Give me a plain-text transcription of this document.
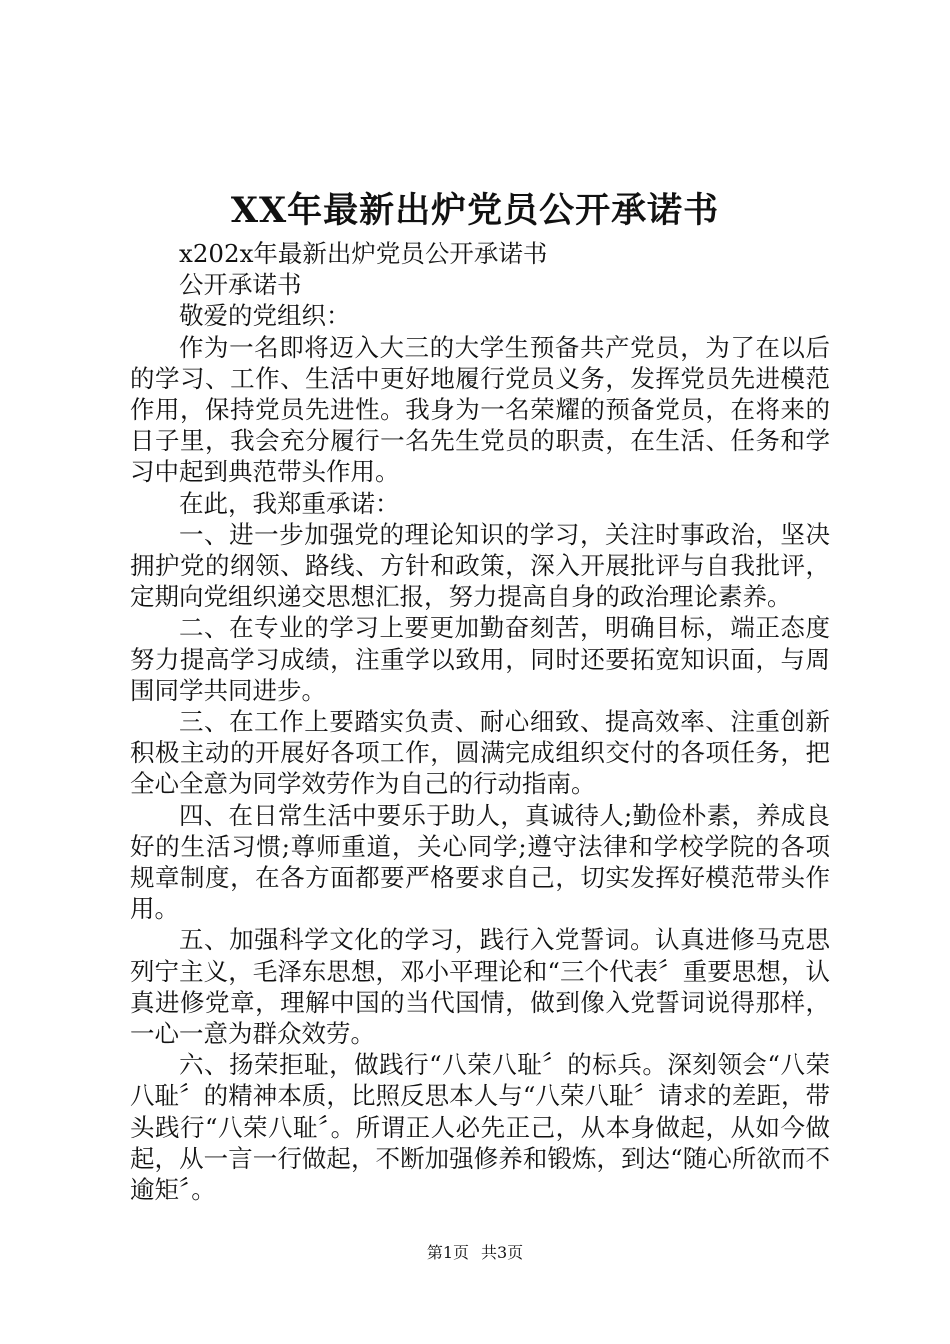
XX年最新出炉党员公开承诺书

x202x年最新出炉党员公开承诺书

公开承诺书

敬爱的党组织：

作为一名即将迈入大三的大学生预备共产党员，为了在以后的学习、工作、生活中更好地履行党员义务，发挥党员先进模范作用，保持党员先进性。我身为一名荣耀的预备党员，在将来的日子里，我会充分履行一名先生党员的职责，在生活、任务和学习中起到典范带头作用。

在此，我郑重承诺：

一、进一步加强党的理论知识的学习，关注时事政治，坚决拥护党的纲领、路线、方针和政策，深入开展批评与自我批评，定期向党组织递交思想汇报，努力提高自身的政治理论素养。

二、在专业的学习上要更加勤奋刻苦，明确目标，端正态度努力提高学习成绩，注重学以致用，同时还要拓宽知识面，与周围同学共同进步。

三、在工作上要踏实负责、耐心细致、提高效率、注重创新积极主动的开展好各项工作，圆满完成组织交付的各项任务，把全心全意为同学效劳作为自己的行动指南。

四、在日常生活中要乐于助人，真诚待人;勤俭朴素，养成良好的生活习惯;尊师重道，关心同学;遵守法律和学校学院的各项规章制度，在各方面都要严格要求自己，切实发挥好模范带头作用。

五、加强科学文化的学习，践行入党誓词。认真进修马克思列宁主义，毛泽东思想，邓小平理论和“三个代表〞重要思想，认真进修党章，理解中国的当代国情，做到像入党誓词说得那样，一心一意为群众效劳。

六、扬荣拒耻，做践行“八荣八耻〞的标兵。深刻领会“八荣八耻〞的精神本质，比照反思本人与“八荣八耻〞请求的差距，带头践行“八荣八耻〞。所谓正人必先正己，从本身做起，从如今做起，从一言一行做起，不断加强修养和锻炼，到达“随心所欲而不逾矩〞。

第1页 共3页
